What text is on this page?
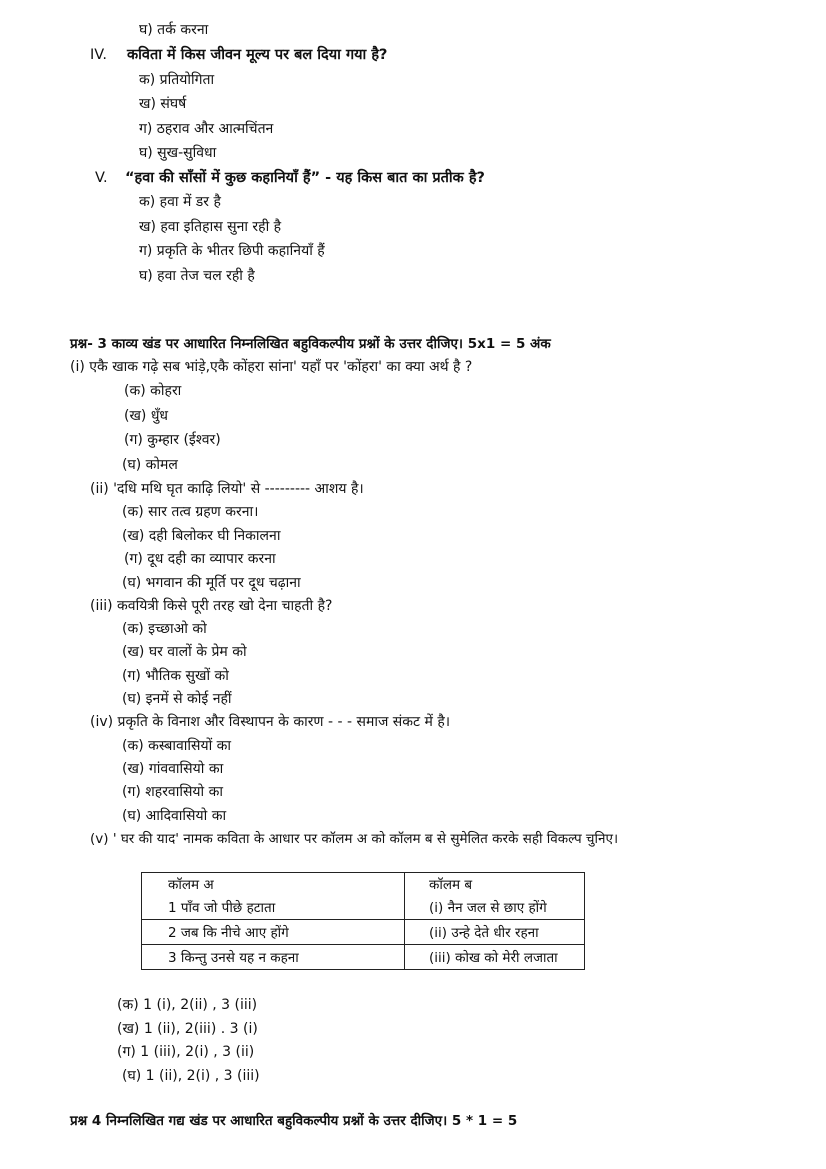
घ) तर्क करना
IV. कविता में किस जीवन मूल्य पर बल दिया गया है?
क) प्रतियोगिता
ख) संघर्ष
ग) ठहराव और आत्मचिंतन
घ) सुख-सुविधा
V. “हवा की साँसों में कुछ कहानियाँ हैं” - यह किस बात का प्रतीक है?
क) हवा में डर है
ख) हवा इतिहास सुना रही है
ग) प्रकृति के भीतर छिपी कहानियाँ हैं
घ) हवा तेज चल रही है
प्रश्न- 3 काव्य खंड पर आधारित निम्नलिखित बहुविकल्पीय प्रश्नों के उत्तर दीजिए। 5x1 = 5 अंक
(i) एकै खाक गढ़े सब भांड़े,एकै कोंहरा सांना' यहाँ पर 'कोंहरा' का क्या अर्थ है ?
(क) कोहरा
(ख) धुँध
(ग) कुम्हार (ईश्वर)
(घ) कोमल
(ii) 'दधि मथि घृत काढ़ि लियो' से --------- आशय है।
(क) सार तत्व ग्रहण करना।
(ख) दही बिलोकर घी निकालना
(ग) दूध दही का व्यापार करना
(घ) भगवान की मूर्ति पर दूध चढ़ाना
(iii) कवयित्री किसे पूरी तरह खो देना चाहती है?
(क) इच्छाओ को
(ख) घर वालों के प्रेम को
(ग) भौतिक सुखों को
(घ) इनमें से कोई नहीं
(iv) प्रकृति के विनाश और विस्थापन के कारण - - - समाज संकट में है।
(क) कस्बावासियों का
(ख) गांववासियो का
(ग) शहरवासियो का
(घ) आदिवासियो का
(v) ' घर की याद' नामक कविता के आधार पर कॉलम अ को कॉलम ब से सुमेलित करके सही विकल्प चुनिए।
कॉलम अ	कॉलम ब
1 पाँव जो पीछे हटाता	(i) नैन जल से छाए होंगे
2 जब कि नीचे आए होंगे	(ii) उन्हे देते धीर रहना
3 किन्तु उनसे यह न कहना	(iii) कोख को मेरी लजाता
(क) 1 (i), 2(ii) , 3 (iii)
(ख) 1 (ii), 2(iii) . 3 (i)
(ग) 1 (iii), 2(i) , 3 (ii)
(घ) 1 (ii), 2(i) , 3 (iii)
प्रश्न 4 निम्नलिखित गद्य खंड पर आधारित बहुविकल्पीय प्रश्नों के उत्तर दीजिए। 5 * 1 = 5
